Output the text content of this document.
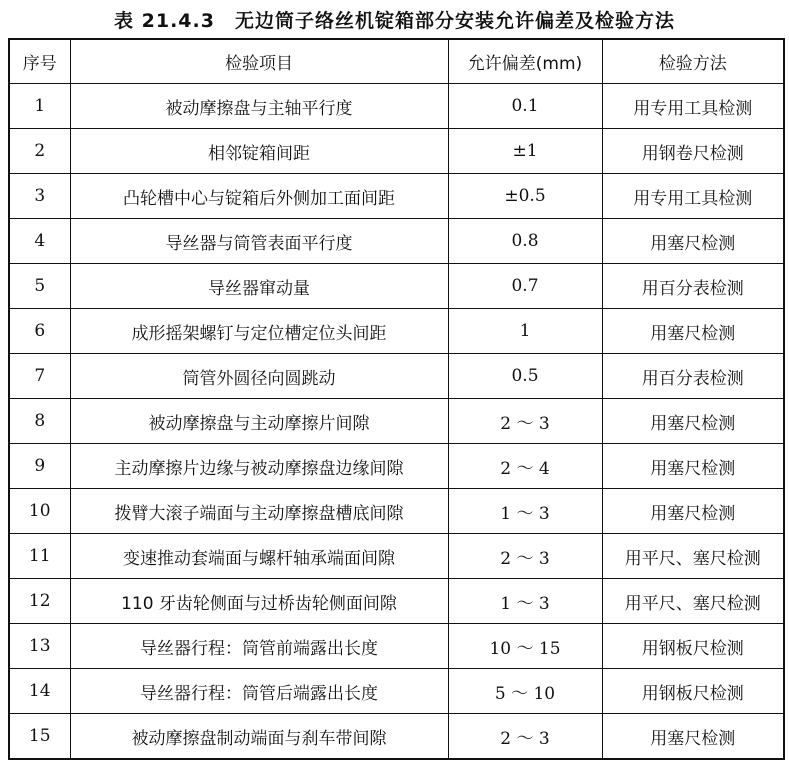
表 21.4.3　无边筒子络丝机锭箱部分安装允许偏差及检验方法
序号	检验项目	允许偏差(mm)	检验方法
1	被动摩擦盘与主轴平行度	0.1	用专用工具检测
2	相邻锭箱间距	±1	用钢卷尺检测
3	凸轮槽中心与锭箱后外侧加工面间距	±0.5	用专用工具检测
4	导丝器与筒管表面平行度	0.8	用塞尺检测
5	导丝器窜动量	0.7	用百分表检测
6	成形摇架螺钉与定位槽定位头间距	1	用塞尺检测
7	筒管外圆径向圆跳动	0.5	用百分表检测
8	被动摩擦盘与主动摩擦片间隙	2 ～ 3	用塞尺检测
9	主动摩擦片边缘与被动摩擦盘边缘间隙	2 ～ 4	用塞尺检测
10	拨臂大滚子端面与主动摩擦盘槽底间隙	1 ～ 3	用塞尺检测
11	变速推动套端面与螺杆轴承端面间隙	2 ～ 3	用平尺、塞尺检测
12	110 牙齿轮侧面与过桥齿轮侧面间隙	1 ～ 3	用平尺、塞尺检测
13	导丝器行程：筒管前端露出长度	10 ～ 15	用钢板尺检测
14	导丝器行程：筒管后端露出长度	5 ～ 10	用钢板尺检测
15	被动摩擦盘制动端面与刹车带间隙	2 ～ 3	用塞尺检测
